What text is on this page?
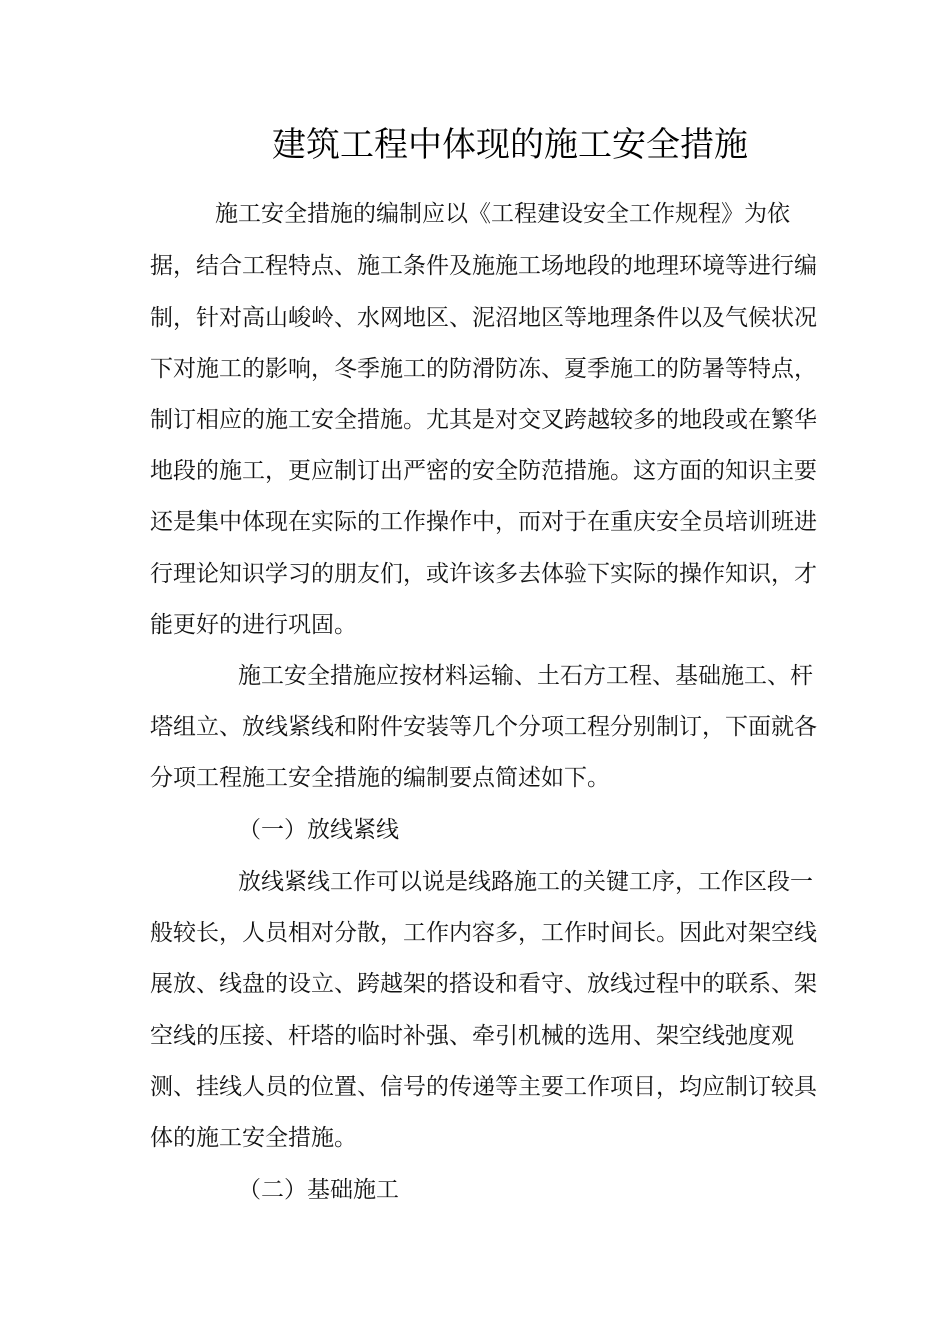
建筑工程中体现的施工安全措施
施工安全措施的编制应以《工程建设安全工作规程》为依
据，结合工程特点、施工条件及施施工场地段的地理环境等进行编
制，针对高山峻岭、水网地区、泥沼地区等地理条件以及气候状况
下对施工的影响，冬季施工的防滑防冻、夏季施工的防暑等特点，
制订相应的施工安全措施。尤其是对交叉跨越较多的地段或在繁华
地段的施工，更应制订出严密的安全防范措施。这方面的知识主要
还是集中体现在实际的工作操作中，而对于在重庆安全员培训班进
行理论知识学习的朋友们，或许该多去体验下实际的操作知识，才
能更好的进行巩固。
施工安全措施应按材料运输、土石方工程、基础施工、杆
塔组立、放线紧线和附件安装等几个分项工程分别制订，下面就各
分项工程施工安全措施的编制要点简述如下。
（一）放线紧线
放线紧线工作可以说是线路施工的关键工序，工作区段一
般较长，人员相对分散，工作内容多，工作时间长。因此对架空线
展放、线盘的设立、跨越架的搭设和看守、放线过程中的联系、架
空线的压接、杆塔的临时补强、牵引机械的选用、架空线弛度观
测、挂线人员的位置、信号的传递等主要工作项目，均应制订较具
体的施工安全措施。
（二）基础施工
